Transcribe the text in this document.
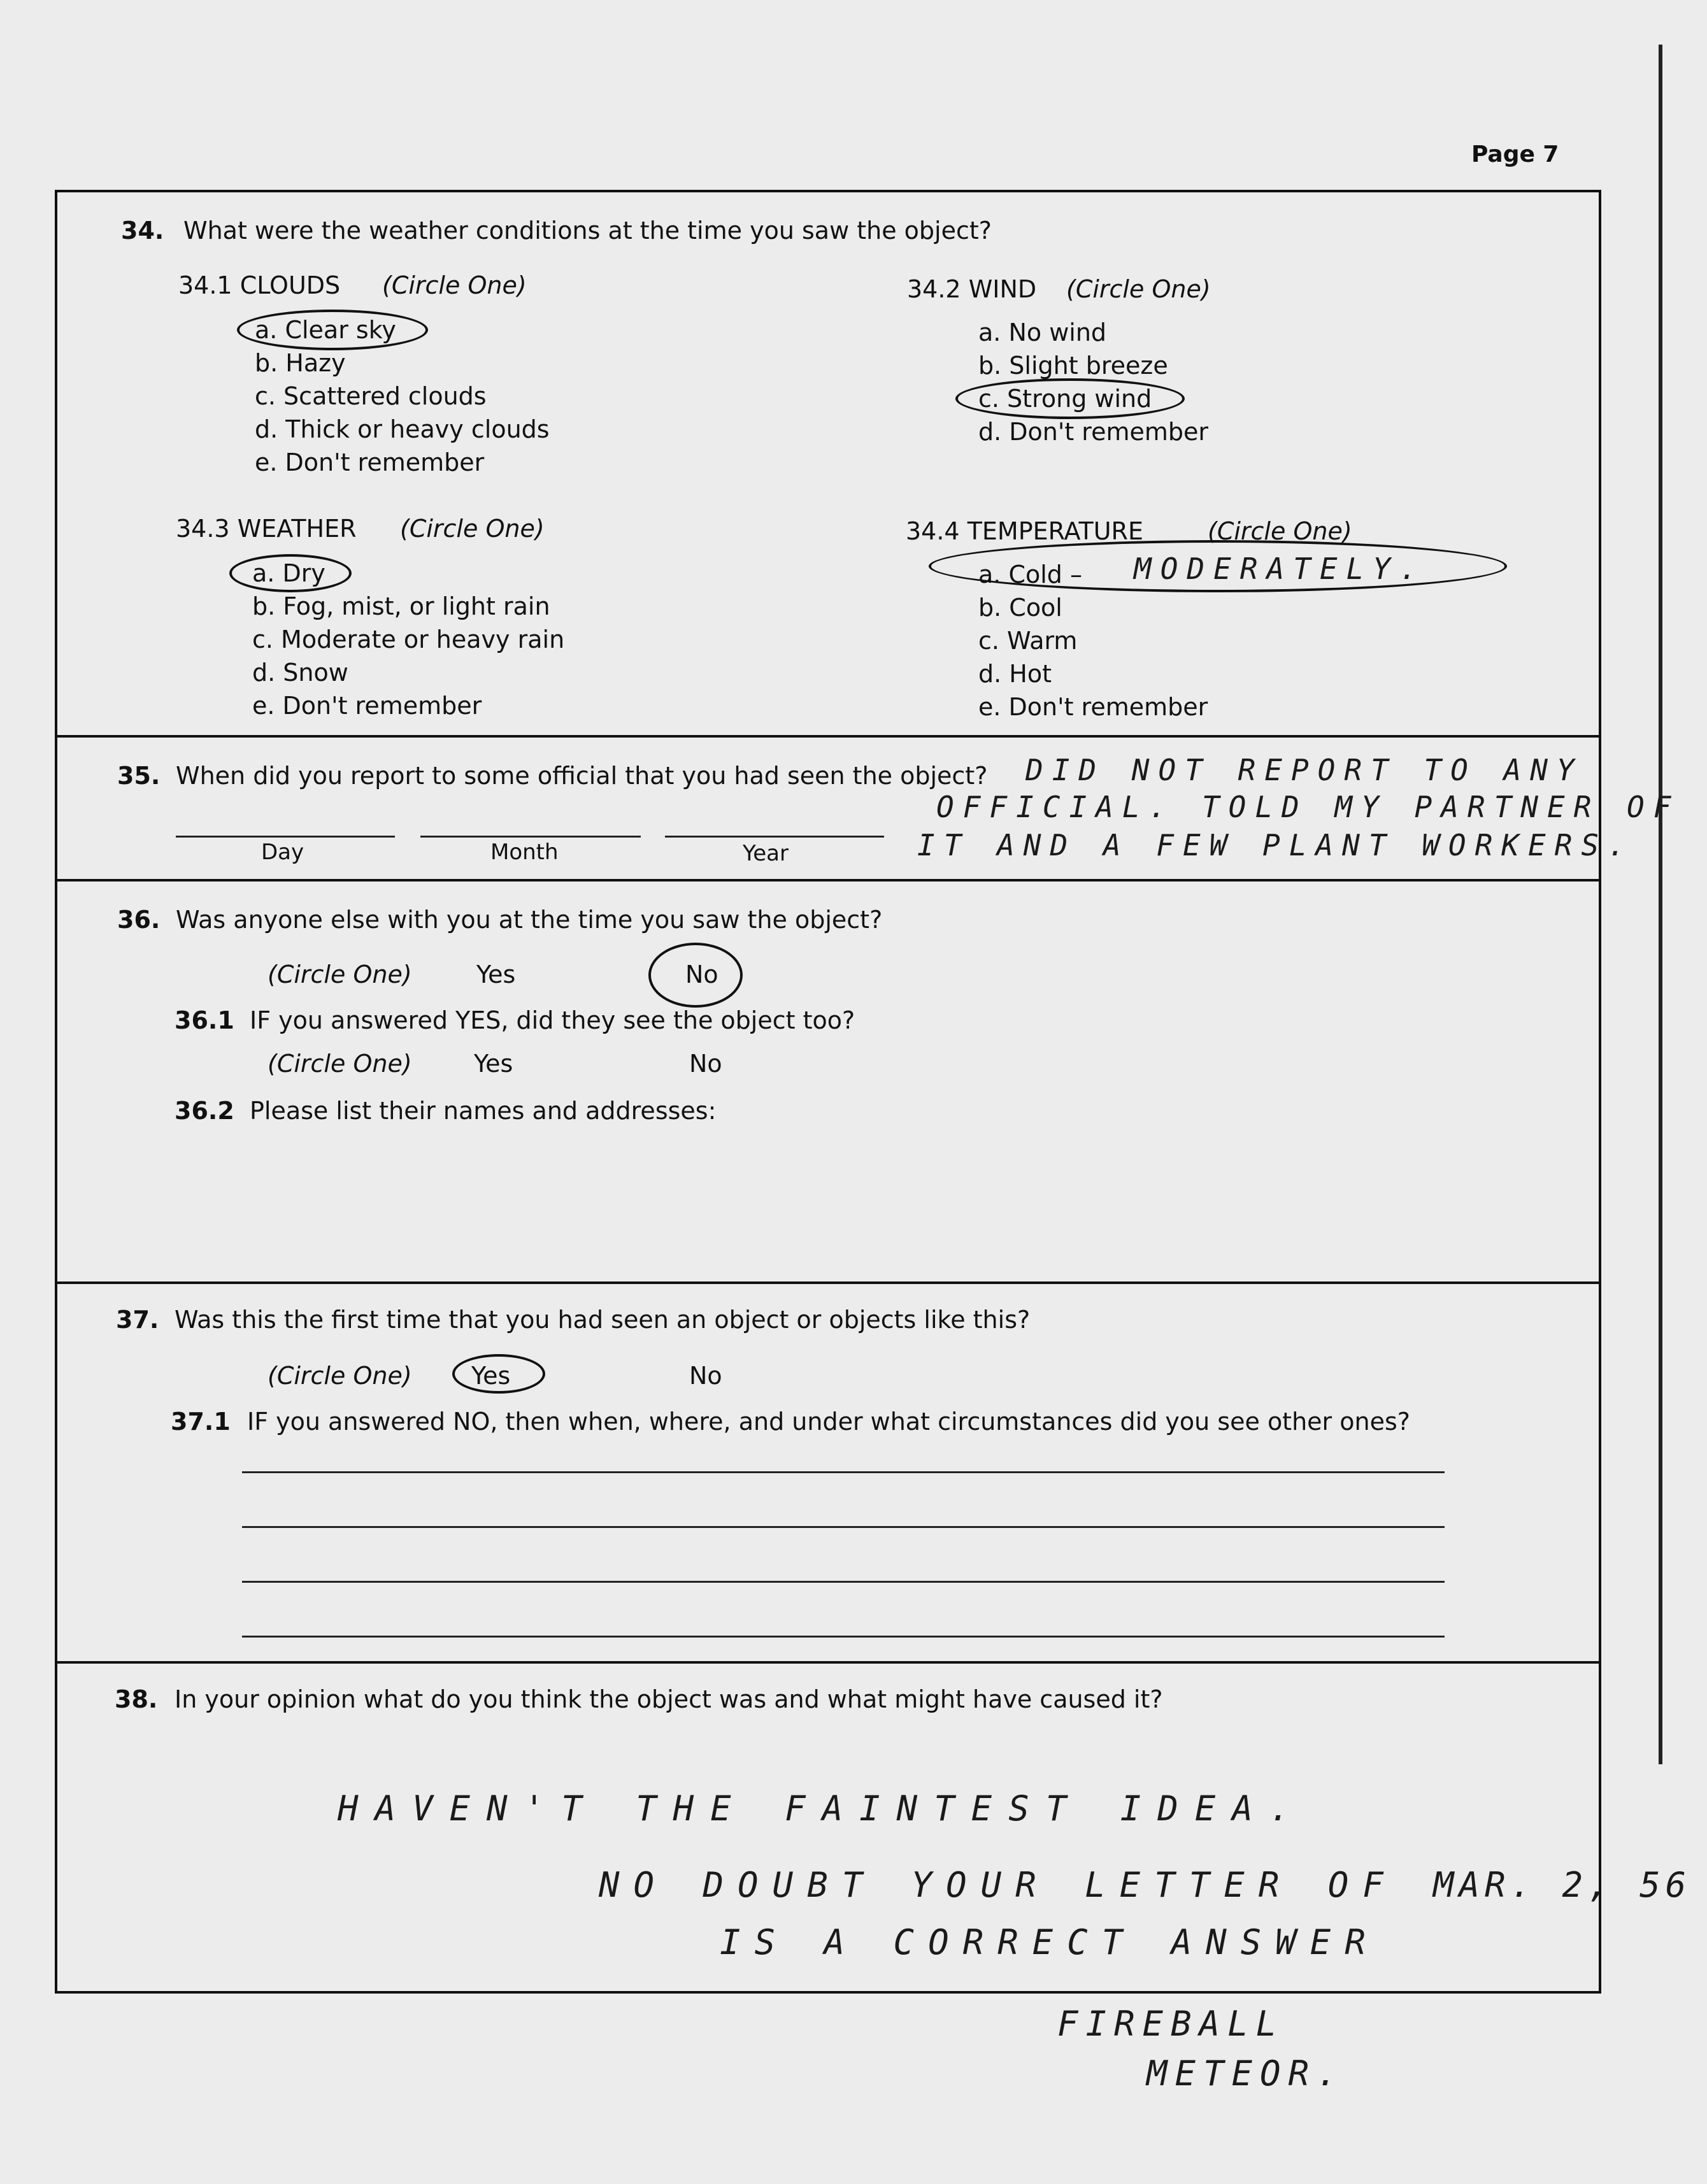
Page 7
34. What were the weather conditions at the time you saw the object?
34.1 CLOUDS (Circle One)
a. Clear sky
b. Hazy
c. Scattered clouds
d. Thick or heavy clouds
e. Don't remember
34.2 WIND (Circle One)
a. No wind
b. Slight breeze
c. Strong wind
d. Don't remember
34.3 WEATHER (Circle One)
a. Dry
b. Fog, mist, or light rain
c. Moderate or heavy rain
d. Snow
e. Don't remember
34.4 TEMPERATURE	(Circle One)
a. Cold – MODERATELY.
b. Cool
c. Warm
d. Hot
e. Don't remember
35. When did you report to some official that you had seen the object? DID NOT REPORT TO ANY
OFFICIAL. TOLD MY PARTNER OF
IT AND A FEW PLANT WORKERS.
Day	Month	Year
36. Was anyone else with you at the time you saw the object?
(Circle One)	Yes	No
36.1 IF you answered YES, did they see the object too?
(Circle One)	Yes	No
36.2 Please list their names and addresses:
37. Was this the first time that you had seen an object or objects like this?
(Circle One) Yes	No
37.1 IF you answered NO, then when, where, and under what circumstances did you see other ones?
38. In your opinion what do you think the object was and what might have caused it?
HAVEN'T THE FAINTEST IDEA.
NO DOUBT YOUR LETTER OF MAR. 2, 56
IS A CORRECT ANSWER
FIREBALL
METEOR.
